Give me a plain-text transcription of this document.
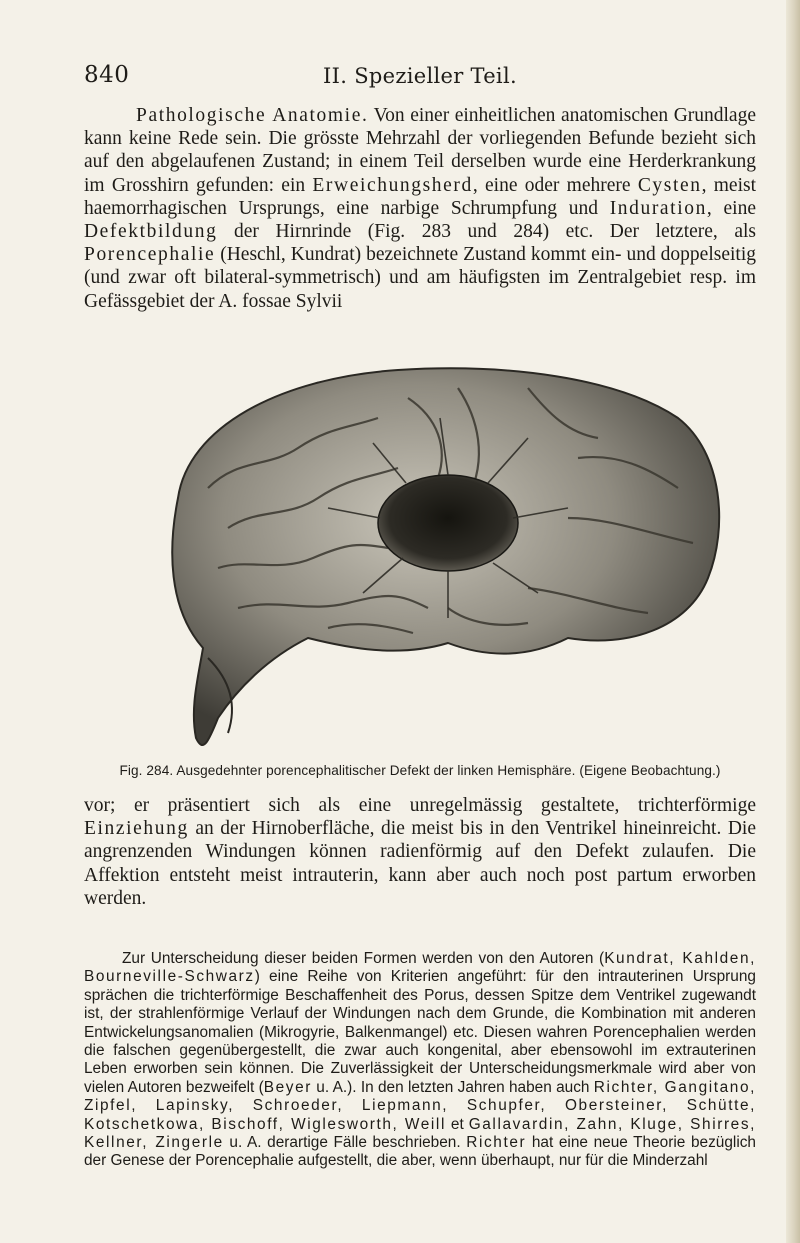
840	II. Spezieller Teil.

Pathologische Anatomie. Von einer einheitlichen anatomischen Grundlage kann keine Rede sein. Die grösste Mehrzahl der vorliegenden Befunde bezieht sich auf den abgelaufenen Zustand; in einem Teil derselben wurde eine Herderkrankung im Grosshirn gefunden: ein Erweichungsherd, eine oder mehrere Cysten, meist haemorrhagischen Ursprungs, eine narbige Schrumpfung und Induration, eine Defektbildung der Hirnrinde (Fig. 283 und 284) etc. Der letztere, als Porencephalie (Heschl, Kundrat) bezeichnete Zustand kommt ein- und doppelseitig (und zwar oft bilateral-symmetrisch) und am häufigsten im Zentralgebiet resp. im Gefässgebiet der A. fossae Sylvii

Fig. 284. Ausgedehnter porencephalitischer Defekt der linken Hemisphäre. (Eigene Beobachtung.)

vor; er präsentiert sich als eine unregelmässig gestaltete, trichterförmige Einziehung an der Hirnoberfläche, die meist bis in den Ventrikel hineinreicht. Die angrenzenden Windungen können radienförmig auf den Defekt zulaufen. Die Affektion entsteht meist intrauterin, kann aber auch noch post partum erworben werden.

Zur Unterscheidung dieser beiden Formen werden von den Autoren (Kundrat, Kahlden, Bourneville-Schwarz) eine Reihe von Kriterien angeführt: für den intrauterinen Ursprung sprächen die trichterförmige Beschaffenheit des Porus, dessen Spitze dem Ventrikel zugewandt ist, der strahlenförmige Verlauf der Windungen nach dem Grunde, die Kombination mit anderen Entwickelungsanomalien (Mikrogyrie, Balkenmangel) etc. Diesen wahren Porencephalien werden die falschen gegenübergestellt, die zwar auch kongenital, aber ebensowohl im extrauterinen Leben erworben sein können. Die Zuverlässigkeit der Unterscheidungsmerkmale wird aber von vielen Autoren bezweifelt (Beyer u. A.). In den letzten Jahren haben auch Richter, Gangitano, Zipfel, Lapinsky, Schroeder, Liepmann, Schupfer, Obersteiner, Schütte, Kotschetkowa, Bischoff, Wiglesworth, Weill et Gallavardin, Zahn, Kluge, Shirres, Kellner, Zingerle u. A. derartige Fälle beschrieben. Richter hat eine neue Theorie bezüglich der Genese der Porencephalie aufgestellt, die aber, wenn überhaupt, nur für die Minderzahl
